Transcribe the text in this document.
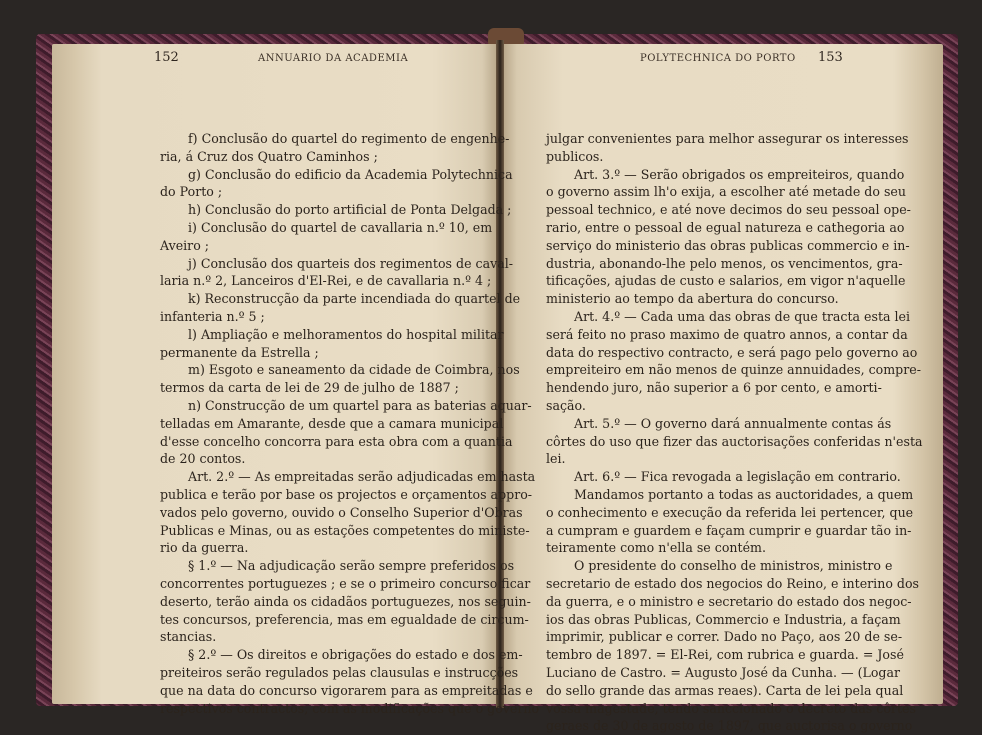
152	ANNUARIO DA ACADEMIA	POLYTECHNICA DO PORTO 153
f) Conclusão do quartel do regimento de engenhe-
ria, á Cruz dos Quatro Caminhos ;
g) Conclusão do edificio da Academia Polytechnica
do Porto ;
h) Conclusão do porto artificial de Ponta Delgada ;
i) Conclusão do quartel de cavallaria n.º 10, em
Aveiro ;
j) Conclusão dos quarteis dos regimentos de caval-
laria n.º 2, Lanceiros d'El-Rei, e de cavallaria n.º 4 ;
k) Reconstrucção da parte incendiada do quartel de
infanteria n.º 5 ;
l) Ampliação e melhoramentos do hospital militar
permanente da Estrella ;
m) Esgoto e saneamento da cidade de Coimbra, nos
termos da carta de lei de 29 de julho de 1887 ;
n) Construcção de um quartel para as baterias aquar-
telladas em Amarante, desde que a camara municipal
d'esse concelho concorra para esta obra com a quantia
de 20 contos.
Art. 2.º — As empreitadas serão adjudicadas em hasta
publica e terão por base os projectos e orçamentos appro-
vados pelo governo, ouvido o Conselho Superior d'Obras
Publicas e Minas, ou as estações competentes do ministe-
rio da guerra.
§ 1.º — Na adjudicação serão sempre preferidos os
concorrentes portuguezes ; e se o primeiro concurso ficar
deserto, terão ainda os cidadãos portuguezes, nos seguin-
tes concursos, preferencia, mas em egualdade de circum-
stancias.
§ 2.º — Os direitos e obrigações do estado e dos em-
preiteiros serão regulados pelas clausulas e instrucções
que na data do concurso vigorarem para as empreitadas e
respectivos contractos, com as modificações que o governo
julgar convenientes para melhor assegurar os interesses
publicos.
Art. 3.º — Serão obrigados os empreiteiros, quando
o governo assim lh'o exija, a escolher até metade do seu
pessoal technico, e até nove decimos do seu pessoal ope-
rario, entre o pessoal de egual natureza e cathegoria ao
serviço do ministerio das obras publicas commercio e in-
dustria, abonando-lhe pelo menos, os vencimentos, gra-
tificações, ajudas de custo e salarios, em vigor n'aquelle
ministerio ao tempo da abertura do concurso.
Art. 4.º — Cada uma das obras de que tracta esta lei
será feito no praso maximo de quatro annos, a contar da
data do respectivo contracto, e será pago pelo governo ao
empreiteiro em não menos de quinze annuidades, compre-
hendendo juro, não superior a 6 por cento, e amorti-
sação.
Art. 5.º — O governo dará annualmente contas ás
côrtes do uso que fizer das auctorisações conferidas n'esta
lei.
Art. 6.º — Fica revogada a legislação em contrario.
Mandamos portanto a todas as auctoridades, a quem
o conhecimento e execução da referida lei pertencer, que
a cumpram e guardem e façam cumprir e guardar tão in-
teiramente como n'ella se contém.
O presidente do conselho de ministros, ministro e
secretario de estado dos negocios do Reino, e interino dos
da guerra, e o ministro e secretario do estado dos negoc-
ios das obras Publicas, Commercio e Industria, a façam
imprimir, publicar e correr. Dado no Paço, aos 20 de se-
tembro de 1897. = El-Rei, com rubrica e guarda. = José
Luciano de Castro. = Augusto José da Cunha. — (Logar
do sello grande das armas reaes). Carta de lei pela qual
vossa magestade, tendo sanccionado o decreto das côrtes
geraes de 30 de agosto de 1897, que auctorisa o governo
